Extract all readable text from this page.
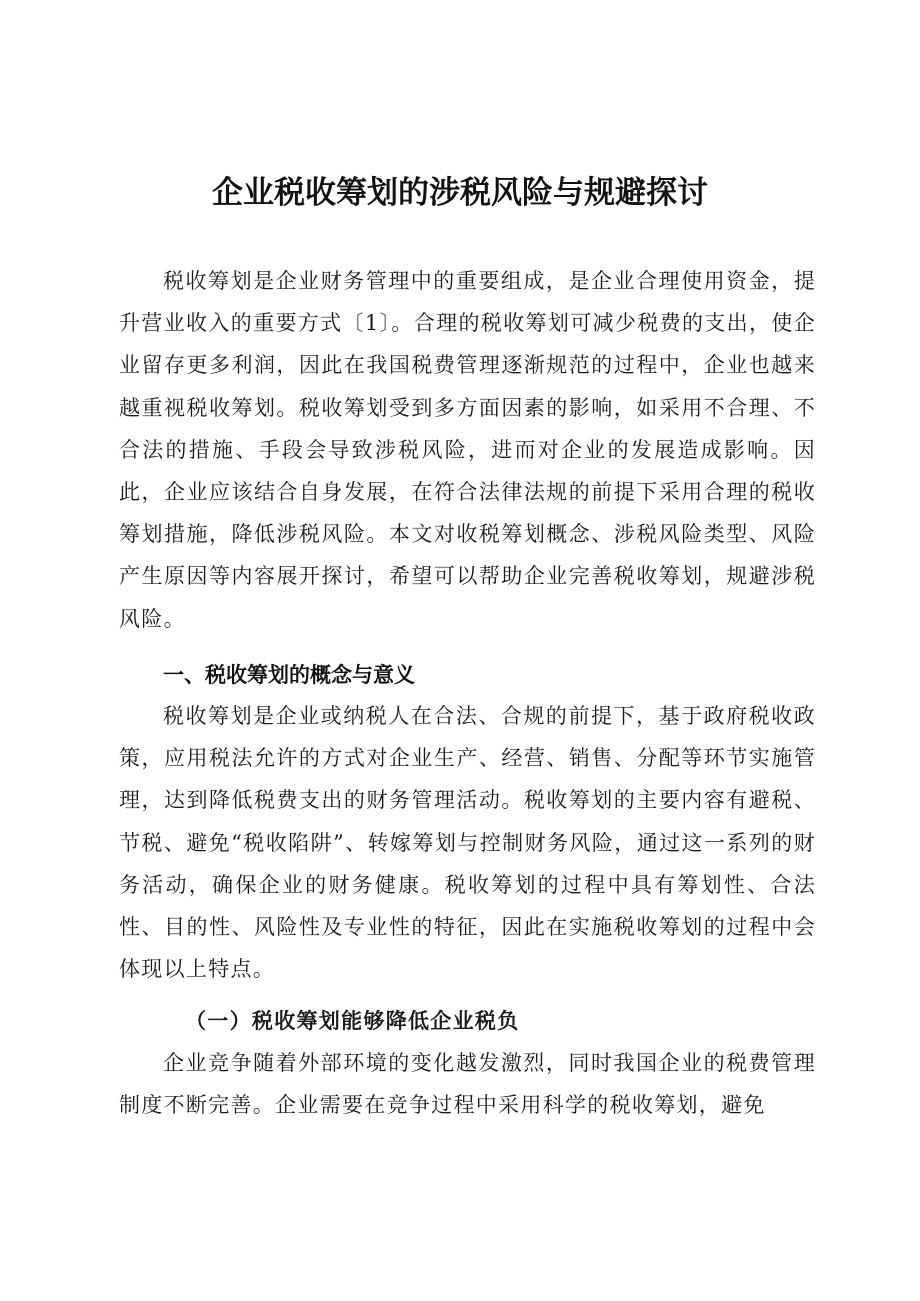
企业税收筹划的涉税风险与规避探讨

税收筹划是企业财务管理中的重要组成，是企业合理使用资金，提升营业收入的重要方式〔1〕。合理的税收筹划可减少税费的支出，使企业留存更多利润，因此在我国税费管理逐渐规范的过程中，企业也越来越重视税收筹划。税收筹划受到多方面因素的影响，如采用不合理、不合法的措施、手段会导致涉税风险，进而对企业的发展造成影响。因此，企业应该结合自身发展，在符合法律法规的前提下采用合理的税收筹划措施，降低涉税风险。本文对收税筹划概念、涉税风险类型、风险产生原因等内容展开探讨，希望可以帮助企业完善税收筹划，规避涉税风险。

一、税收筹划的概念与意义

税收筹划是企业或纳税人在合法、合规的前提下，基于政府税收政策，应用税法允许的方式对企业生产、经营、销售、分配等环节实施管理，达到降低税费支出的财务管理活动。税收筹划的主要内容有避税、节税、避免“税收陷阱”、转嫁筹划与控制财务风险，通过这一系列的财务活动，确保企业的财务健康。税收筹划的过程中具有筹划性、合法性、目的性、风险性及专业性的特征，因此在实施税收筹划的过程中会体现以上特点。

（一）税收筹划能够降低企业税负

企业竞争随着外部环境的变化越发激烈，同时我国企业的税费管理制度不断完善。企业需要在竞争过程中采用科学的税收筹划，避免
